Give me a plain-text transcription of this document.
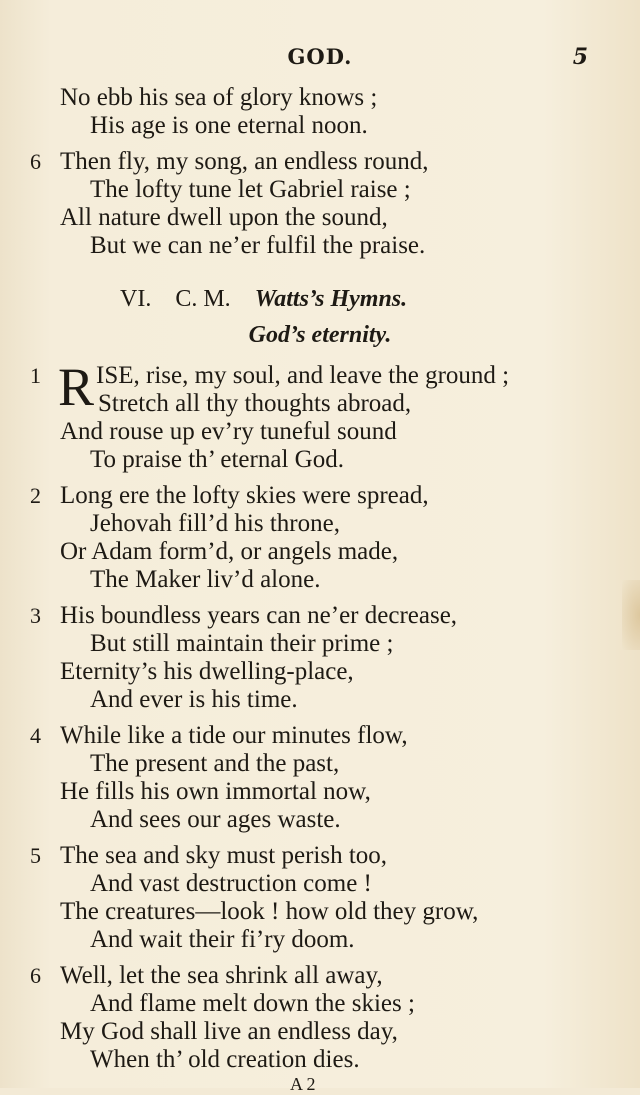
GOD.	5
No ebb his sea of glory knows ;
His age is one eternal noon.
6 Then fly, my song, an endless round,
The lofty tune let Gabriel raise ;
All nature dwell upon the sound,
But we can ne’er fulfil the praise.
VI. C. M. Watts’s Hymns.
God’s eternity.
1 R ISE, rise, my soul, and leave the ground ;
Stretch all thy thoughts abroad,
And rouse up ev’ry tuneful sound
To praise th’ eternal God.
2 Long ere the lofty skies were spread,
Jehovah fill’d his throne,
Or Adam form’d, or angels made,
The Maker liv’d alone.
3 His boundless years can ne’er decrease,
But still maintain their prime ;
Eternity’s his dwelling-place,
And ever is his time.
4 While like a tide our minutes flow,
The present and the past,
He fills his own immortal now,
And sees our ages waste.
5 The sea and sky must perish too,
And vast destruction come !
The creatures—look ! how old they grow,
And wait their fi’ry doom.
6 Well, let the sea shrink all away,
And flame melt down the skies ;
My God shall live an endless day,
When th’ old creation dies.
A 2
